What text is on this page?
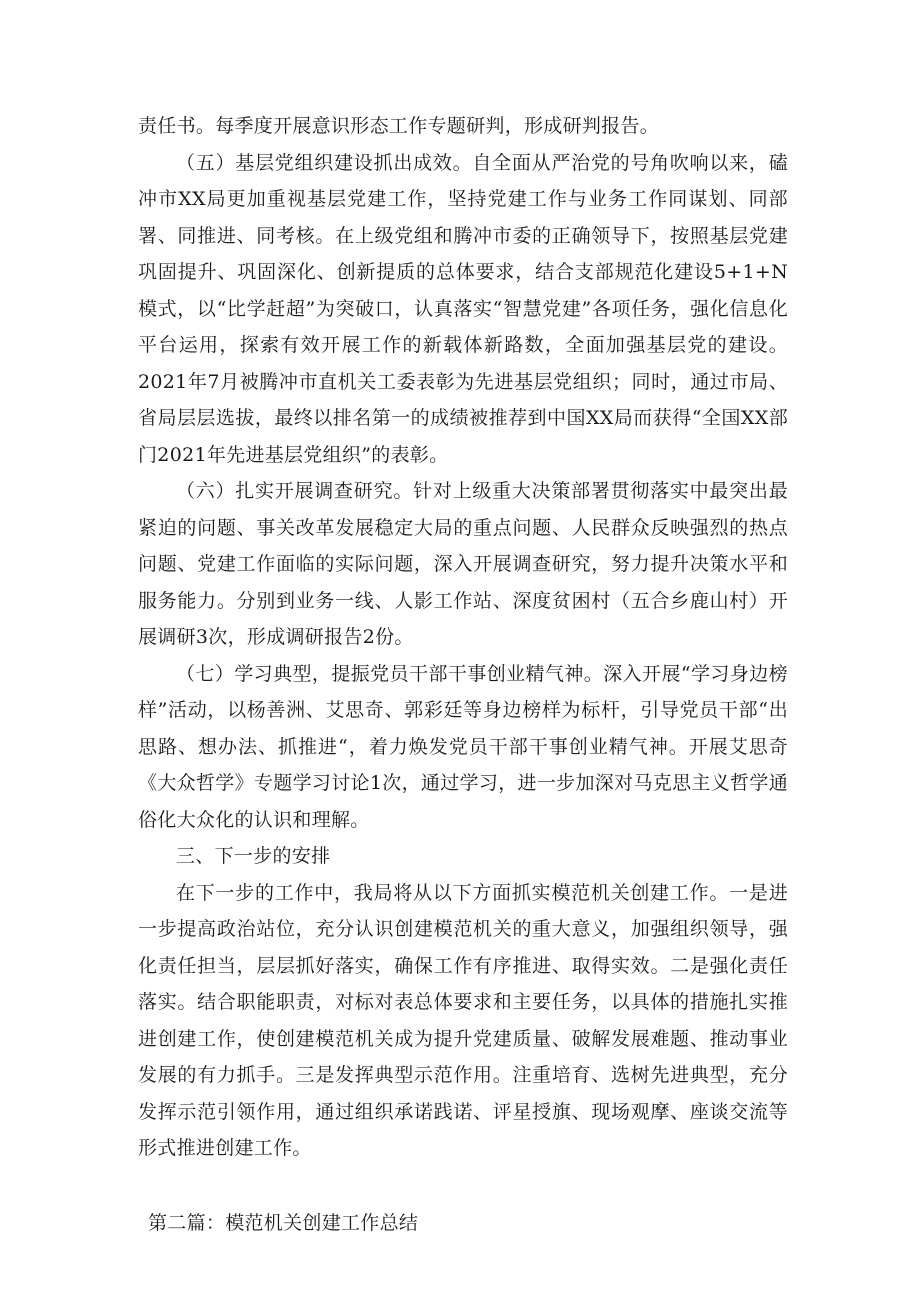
责任书。每季度开展意识形态工作专题研判，形成研判报告。

（五）基层党组织建设抓出成效。自全面从严治党的号角吹响以来，磕冲市XX局更加重视基层党建工作，坚持党建工作与业务工作同谋划、同部署、同推进、同考核。在上级党组和腾冲市委的正确领导下，按照基层党建巩固提升、巩固深化、创新提质的总体要求，结合支部规范化建设5+1+N模式，以“比学赶超”为突破口，认真落实“智慧党建”各项任务，强化信息化平台运用，探索有效开展工作的新载体新路数，全面加强基层党的建设。2021年7月被腾冲市直机关工委表彰为先进基层党组织；同时，通过市局、省局层层选拔，最终以排名第一的成绩被推荐到中国XX局而获得“全国XX部门2021年先进基层党组织”的表彰。

（六）扎实开展调查研究。针对上级重大决策部署贯彻落实中最突出最紧迫的问题、事关改革发展稳定大局的重点问题、人民群众反映强烈的热点问题、党建工作面临的实际问题，深入开展调查研究，努力提升决策水平和服务能力。分别到业务一线、人影工作站、深度贫困村（五合乡鹿山村）开展调研3次，形成调研报告2份。

（七）学习典型，提振党员干部干事创业精气神。深入开展“学习身边榜样”活动，以杨善洲、艾思奇、郭彩廷等身边榜样为标杆，引导党员干部“出思路、想办法、抓推进“，着力焕发党员干部干事创业精气神。开展艾思奇《大众哲学》专题学习讨论1次，通过学习，进一步加深对马克思主义哲学通俗化大众化的认识和理解。

三、下一步的安排

在下一步的工作中，我局将从以下方面抓实模范机关创建工作。一是进一步提高政治站位，充分认识创建模范机关的重大意义，加强组织领导，强化责任担当，层层抓好落实，确保工作有序推进、取得实效。二是强化责任落实。结合职能职责，对标对表总体要求和主要任务，以具体的措施扎实推进创建工作，使创建模范机关成为提升党建质量、破解发展难题、推动事业发展的有力抓手。三是发挥典型示范作用。注重培育、选树先进典型，充分发挥示范引领作用，通过组织承诺践诺、评星授旗、现场观摩、座谈交流等形式推进创建工作。

第二篇：模范机关创建工作总结
